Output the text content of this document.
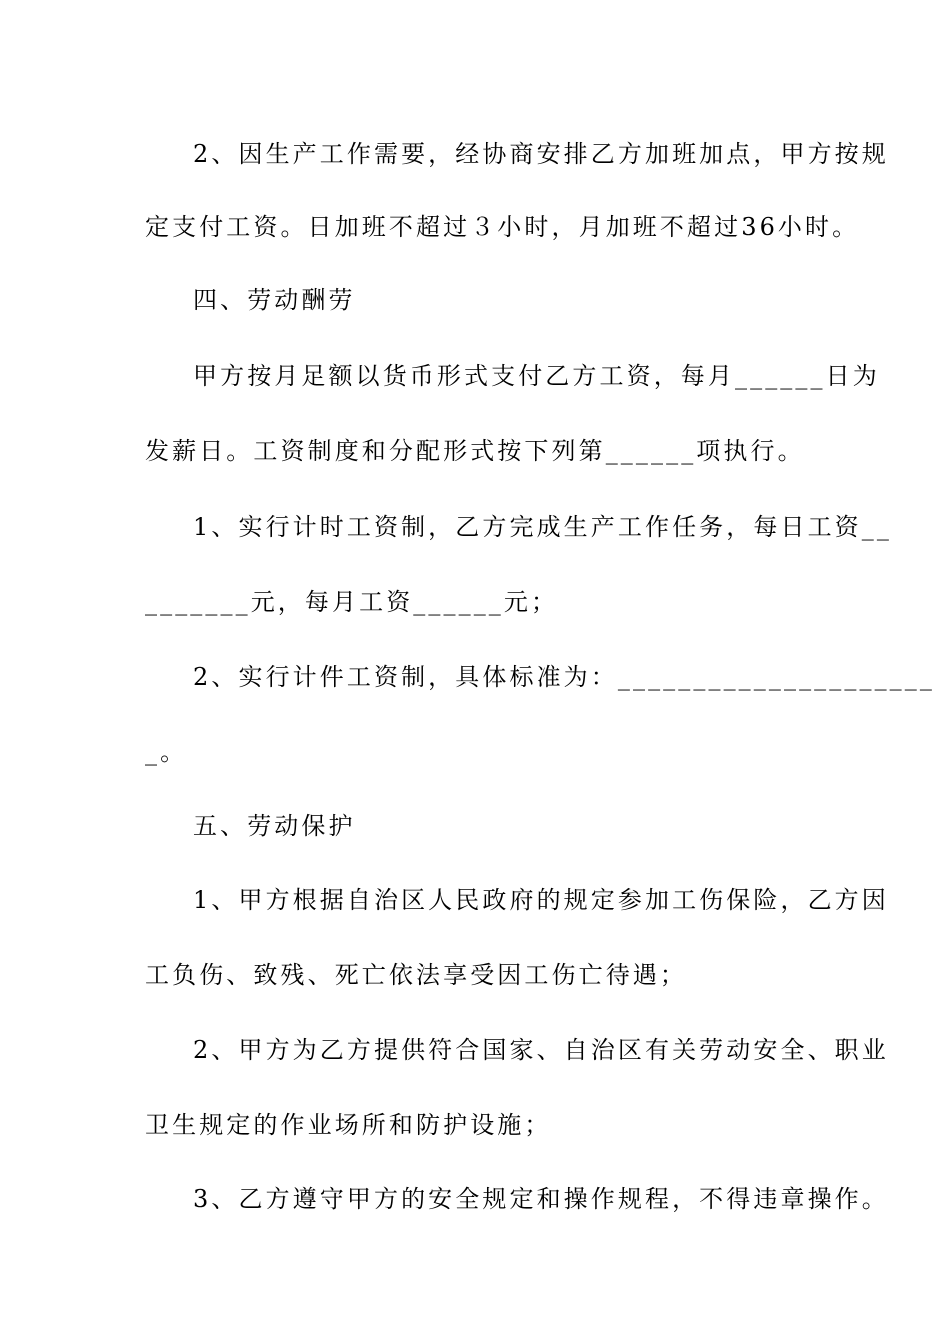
2、因生产工作需要，经协商安排乙方加班加点，甲方按规
定支付工资。日加班不超过３小时，月加班不超过36小时。
四、劳动酬劳
甲方按月足额以货币形式支付乙方工资，每月______日为
发薪日。工资制度和分配形式按下列第______项执行。
1、实行计时工资制，乙方完成生产工作任务，每日工资__
_______元，每月工资______元；
2、实行计件工资制，具体标准为：_____________________
_。
五、劳动保护
1、甲方根据自治区人民政府的规定参加工伤保险，乙方因
工负伤、致残、死亡依法享受因工伤亡待遇；
2、甲方为乙方提供符合国家、自治区有关劳动安全、职业
卫生规定的作业场所和防护设施；
3、乙方遵守甲方的安全规定和操作规程，不得违章操作。
